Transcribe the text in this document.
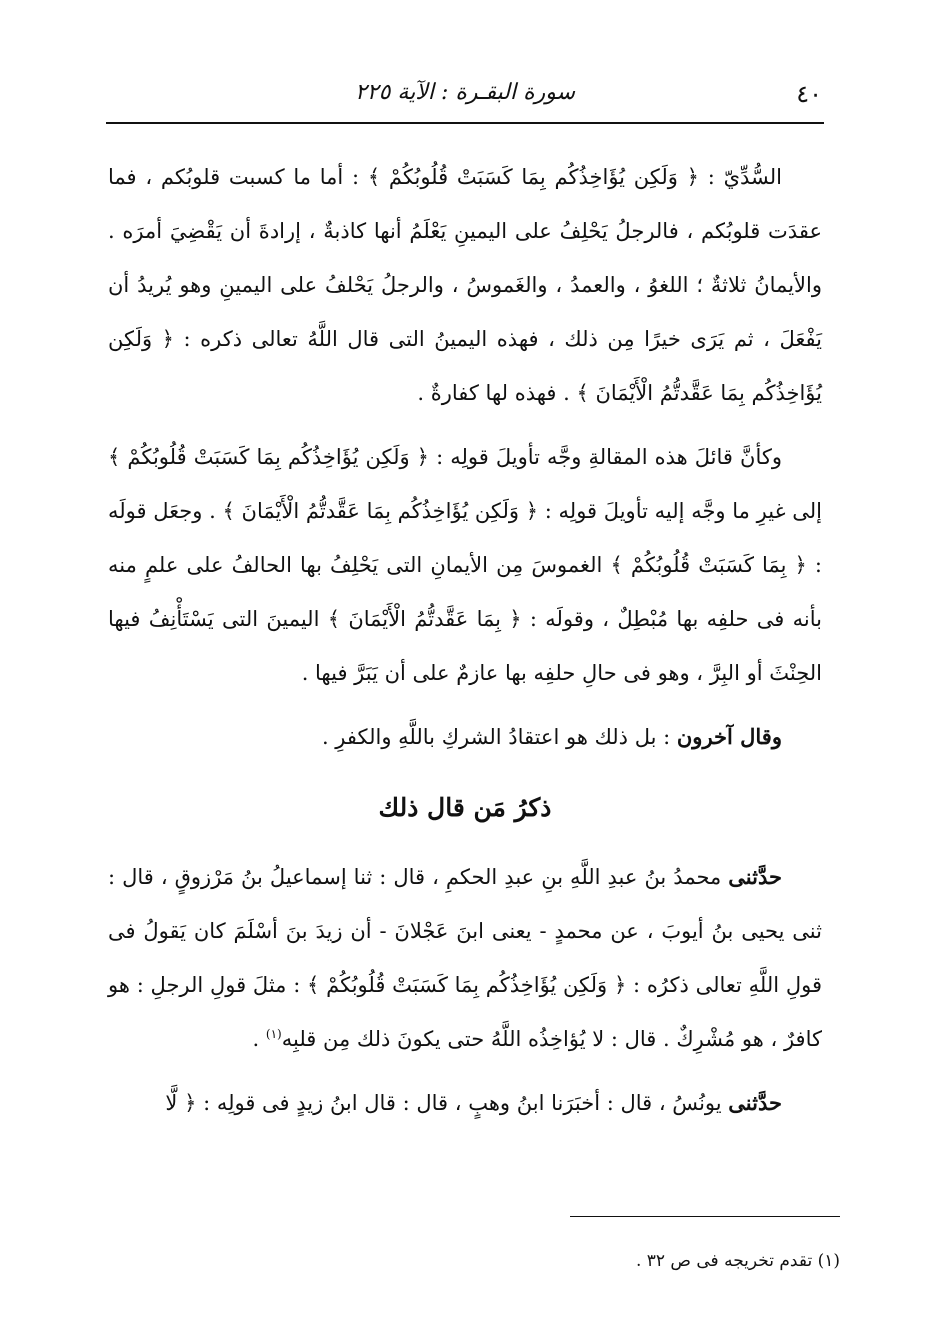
٤٠
سورة البقـرة : الآية ٢٢٥

السُّدِّيّ : ﴿ وَلَكِن يُؤَاخِذُكُم بِمَا كَسَبَتْ قُلُوبُكُمْ ﴾ : أما ما كسبت قلوبُكم ، فما عقدَت قلوبُكم ، فالرجلُ يَحْلِفُ على اليمينِ يَعْلَمُ أنها كاذبةٌ ، إرادةَ أن يَقْضِيَ أمرَه . والأيمانُ ثلاثةٌ ؛ اللغوُ ، والعمدُ ، والغَموسُ ، والرجلُ يَحْلفُ على اليمينِ وهو يُريدُ أن يَفْعَلَ ، ثم يَرَى خيرًا مِن ذلك ، فهذه اليمينُ التى قال اللَّهُ تعالى ذكره : ﴿ وَلَكِن يُؤَاخِذُكُم بِمَا عَقَّدتُّمُ الْأَيْمَانَ ﴾ . فهذه لها كفارةٌ .

وكأنَّ قائلَ هذه المقالةِ وجَّه تأويلَ قولِه : ﴿ وَلَكِن يُؤَاخِذُكُم بِمَا كَسَبَتْ قُلُوبُكُمْ ﴾ إلى غيرِ ما وجَّه إليه تأويلَ قولِه : ﴿ وَلَكِن يُؤَاخِذُكُم بِمَا عَقَّدتُّمُ الْأَيْمَانَ ﴾ . وجعَل قولَه : ﴿ بِمَا كَسَبَتْ قُلُوبُكُمْ ﴾ الغموسَ مِن الأيمانِ التى يَحْلِفُ بها الحالفُ على علمٍ منه بأنه فى حلفِه بها مُبْطِلٌ ، وقولَه : ﴿ بِمَا عَقَّدتُّمُ الْأَيْمَانَ ﴾ اليمينَ التى يَسْتَأْنِفُ فيها الحِنْثَ أو البِرَّ ، وهو فى حالِ حلفِه بها عازمٌ على أن يَبَرَّ فيها .

وقال آخرون : بل ذلك هو اعتقادُ الشركِ باللَّهِ والكفرِ .

ذكرُ مَن قال ذلك

حدَّثنى محمدُ بنُ عبدِ اللَّهِ بنِ عبدِ الحكمِ ، قال : ثنا إسماعيلُ بنُ مَرْزوقٍ ، قال : ثنى يحيى بنُ أيوبَ ، عن محمدٍ - يعنى ابنَ عَجْلانَ - أن زيدَ بنَ أسْلَمَ كان يَقولُ فى قولِ اللَّهِ تعالى ذكرُه : ﴿ وَلَكِن يُؤَاخِذُكُم بِمَا كَسَبَتْ قُلُوبُكُمْ ﴾ : مثلَ قولِ الرجلِ : هو كافرٌ ، هو مُشْرِكٌ . قال : لا يُؤاخِذُه اللَّهُ حتى يكونَ ذلك مِن قلبِه$^{(١)}$ .

حدَّثنى يونُسُ ، قال : أخبَرَنا ابنُ وهبٍ ، قال : قال ابنُ زيدٍ فى قولِه : ﴿ لَّا

(١) تقدم تخريجه فى ص ٣٢ .
